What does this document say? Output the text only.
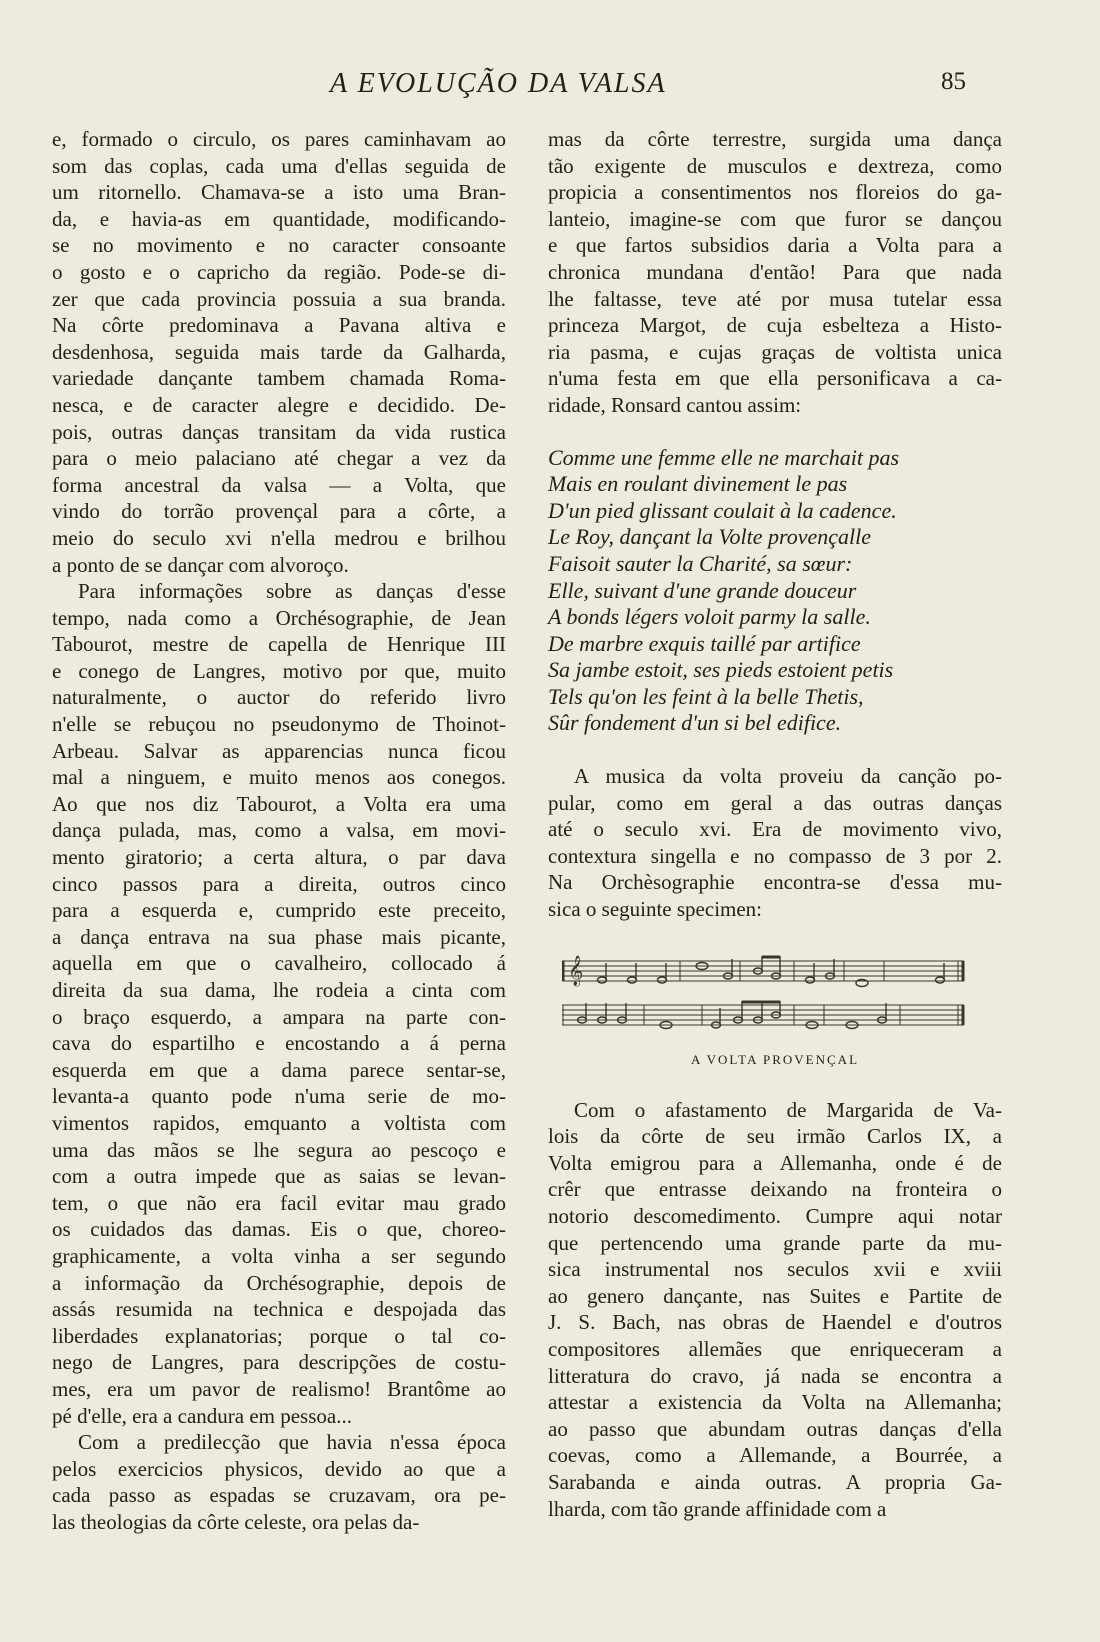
A EVOLUÇÃO DA VALSA	85
e, formado o circulo, os pares caminhavam ao
som das coplas, cada uma d'ellas seguida de
um ritornello. Chamava-se a isto uma Bran-
da, e havia-as em quantidade, modificando-
se no movimento e no caracter consoante
o gosto e o capricho da região. Pode-se di-
zer que cada provincia possuia a sua branda.
Na côrte predominava a Pavana altiva e
desdenhosa, seguida mais tarde da Galharda,
variedade dançante tambem chamada Roma-
nesca, e de caracter alegre e decidido. De-
pois, outras danças transitam da vida rustica
para o meio palaciano até chegar a vez da
forma ancestral da valsa — a Volta, que
vindo do torrão provençal para a côrte, a
meio do seculo xvi n'ella medrou e brilhou
a ponto de se dançar com alvoroço.
Para informações sobre as danças d'esse
tempo, nada como a Orchésographie, de Jean
Tabourot, mestre de capella de Henrique III
e conego de Langres, motivo por que, muito
naturalmente, o auctor do referido livro
n'elle se rebuçou no pseudonymo de Thoinot-
Arbeau. Salvar as apparencias nunca ficou
mal a ninguem, e muito menos aos conegos.
Ao que nos diz Tabourot, a Volta era uma
dança pulada, mas, como a valsa, em movi-
mento giratorio; a certa altura, o par dava
cinco passos para a direita, outros cinco
para a esquerda e, cumprido este preceito,
a dança entrava na sua phase mais picante,
aquella em que o cavalheiro, collocado á
direita da sua dama, lhe rodeia a cinta com
o braço esquerdo, a ampara na parte con-
cava do espartilho e encostando a á perna
esquerda em que a dama parece sentar-se,
levanta-a quanto pode n'uma serie de mo-
vimentos rapidos, emquanto a voltista com
uma das mãos se lhe segura ao pescoço e
com a outra impede que as saias se levan-
tem, o que não era facil evitar mau grado
os cuidados das damas. Eis o que, choreo-
graphicamente, a volta vinha a ser segundo
a informação da Orchésographie, depois de
assás resumida na technica e despojada das
liberdades explanatorias; porque o tal co-
nego de Langres, para descripções de costu-
mes, era um pavor de realismo! Brantôme ao
pé d'elle, era a candura em pessoa...
Com a predilecção que havia n'essa época
pelos exercicios physicos, devido ao que a
cada passo as espadas se cruzavam, ora pe-
las theologias da côrte celeste, ora pelas da-
mas da côrte terrestre, surgida uma dança
tão exigente de musculos e dextreza, como
propicia a consentimentos nos floreios do ga-
lanteio, imagine-se com que furor se dançou
e que fartos subsidios daria a Volta para a
chronica mundana d'então! Para que nada
lhe faltasse, teve até por musa tutelar essa
princeza Margot, de cuja esbelteza a Histo-
ria pasma, e cujas graças de voltista unica
n'uma festa em que ella personificava a ca-
ridade, Ronsard cantou assim:
Comme une femme elle ne marchait pas
Mais en roulant divinement le pas
D'un pied glissant coulait à la cadence.
Le Roy, dançant la Volte provençalle
Faisoit sauter la Charité, sa sœur:
Elle, suivant d'une grande douceur
A bonds légers voloit parmy la salle.
De marbre exquis taillé par artifice
Sa jambe estoit, ses pieds estoient petis
Tels qu'on les feint à la belle Thetis,
Sûr fondement d'un si bel edifice.
A musica da volta proveiu da canção po-
pular, como em geral a das outras danças
até o seculo xvi. Era de movimento vivo,
contextura singella e no compasso de 3 por 2.
Na Orchèsographie encontra-se d'essa mu-
sica o seguinte specimen:
𝄞
A VOLTA PROVENÇAL
Com o afastamento de Margarida de Va-
lois da côrte de seu irmão Carlos IX, a
Volta emigrou para a Allemanha, onde é de
crêr que entrasse deixando na fronteira o
notorio descomedimento. Cumpre aqui notar
que pertencendo uma grande parte da mu-
sica instrumental nos seculos xvii e xviii
ao genero dançante, nas Suites e Partite de
J. S. Bach, nas obras de Haendel e d'outros
compositores allemães que enriqueceram a
litteratura do cravo, já nada se encontra a
attestar a existencia da Volta na Allemanha;
ao passo que abundam outras danças d'ella
coevas, como a Allemande, a Bourrée, a
Sarabanda e ainda outras. A propria Ga-
lharda, com tão grande affinidade com a
